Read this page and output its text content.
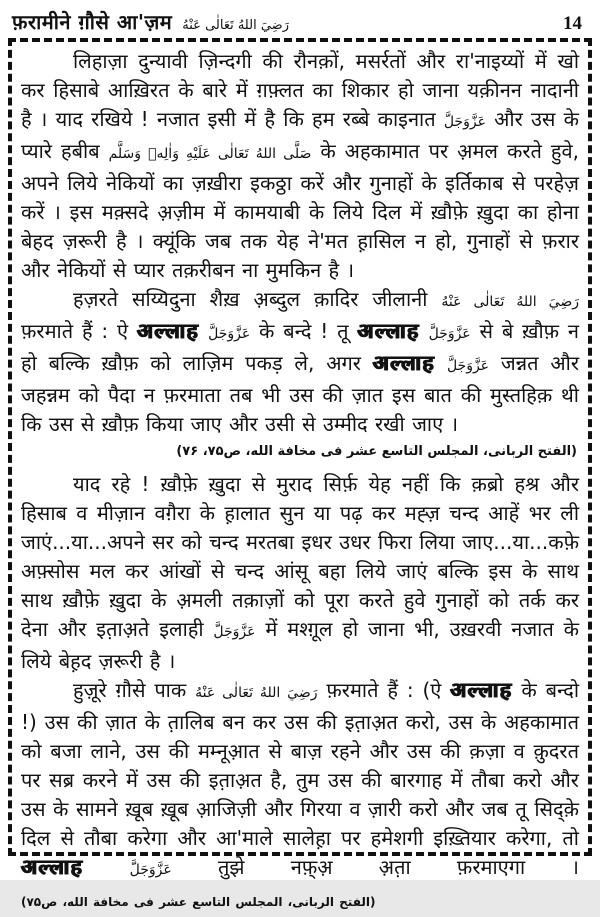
फ़रामीने ग़ौसे आ'ज़म رَضِيَ اللهُ تَعَالٰى عَنْهُ	14

लिहाज़ा दुन्यावी ज़िन्दगी की रौनक़ों, मसर्रतों और रा'नाइय्यों में खो कर हिसाबे आख़िरत के बारे में ग़फ़्लत का शिकार हो जाना यक़ीनन नादानी है । याद रखिये ! नजात इसी में है कि हम रब्बे काइनात عَزَّوَجَلَّ और उस के प्यारे हबीब صَلَّى اللهُ تَعَالٰى عَلَيْهِ وَاٰلِهٖ وَسَلَّم के अहकामात पर अ़मल करते हुवे, अपने लिये नेकियों का ज़ख़ीरा इकठ्ठा करें और गुनाहों के इर्तिकाब से परहेज़ करें । इस मक़्सदे अ़ज़ीम में कामयाबी के लिये दिल में ख़ौफ़े ख़ुदा का होना बेहद ज़रूरी है । क्यूंकि जब तक येह ने'मत ह़ासिल न हो, गुनाहों से फ़रार और नेकियों से प्यार तक़रीबन ना मुमकिन है ।

हज़रते सय्यिदुना शैख़ अ़ब्दुल क़ादिर जीलानी رَضِيَ اللهُ تَعَالٰى عَنْهُ फ़रमाते हैं : ऐ अल्लाह عَزَّوَجَلَّ के बन्दे ! तू अल्लाह عَزَّوَجَلَّ से बे ख़ौफ़ न हो बल्कि ख़ौफ़ को लाज़िम पकड़ ले, अगर अल्लाह عَزَّوَجَلَّ जन्नत और जहन्नम को पैदा न फ़रमाता तब भी उस की ज़ात इस बात की मुस्तहिक़ थी कि उस से ख़ौफ़ किया जाए और उसी से उम्मीद रखी जाए ।

(الفتح الربانی، المجلس التاسع عشر فی مخافة الله، ص۷۵، ۷۶)

याद रहे ! ख़ौफ़े ख़ुदा से मुराद सिर्फ़ येह नहीं कि क़ब्रो हश्र और हिसाब व मीज़ान वग़ैरा के ह़ालात सुन या पढ़ कर मह्ज़ चन्द आहें भर ली जाएं...या...अपने सर को चन्द मरतबा इधर उधर फिरा लिया जाए...या...कफ़े अफ़्सोस मल कर आंखों से चन्द आंसू बहा लिये जाएं बल्कि इस के साथ साथ ख़ौफ़े ख़ुदा के अ़मली तक़ाज़ों को पूरा करते हुवे गुनाहों को तर्क कर देना और इत़ाअ़ते इलाही عَزَّوَجَلَّ में मश्ग़ूल हो जाना भी, उख़रवी नजात के लिये बेह़द ज़रूरी है ।

हुज़ूरे ग़ौसे पाक رَضِيَ اللهُ تَعَالٰى عَنْهُ फ़रमाते हैं : (ऐ अल्लाह के बन्दो !) उस की ज़ात के त़ालिब बन कर उस की इत़ाअ़त करो, उस के अहकामात को बजा लाने, उस की मम्नूआ़त से बाज़ रहने और उस की क़ज़ा व क़ुदरत पर सब्र करने में उस की इत़ाअ़त है, तुम उस की बारगाह में तौबा करो और उस के सामने ख़ूब ख़ूब आ़जिज़ी और गिरया व ज़ारी करो और जब तू सिद्क़े दिल से तौबा करेगा और आ'माले सालेह़ा पर हमेशगी इख़्तियार करेगा, तो अल्लाह	عَزَّوَجَلَّ तुझे नफ़्अ़ अ़त़ा फ़रमाएगा । (الفتح الربانی، المجلس التاسع عشر فی مخافة الله، ص۷۵)
